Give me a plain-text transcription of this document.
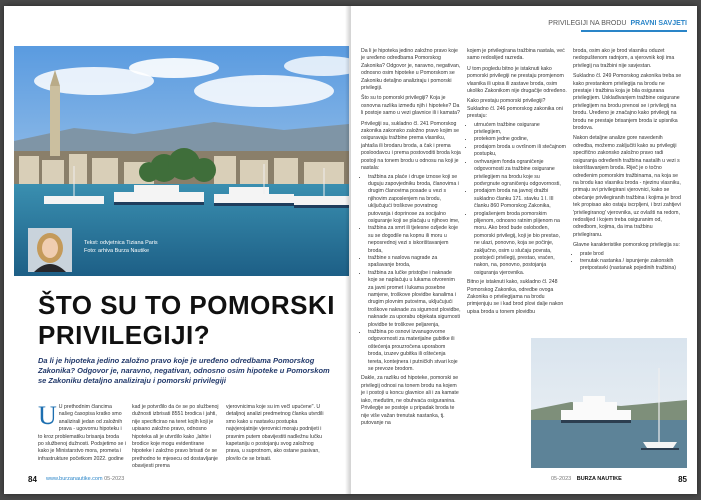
Tekst: odvjetnica Tiziana Paris
Foto: arhiva Burza Nautike
ŠTO SU TO POMORSKI
PRIVILEGIJI?
Da li je hipoteka jedino založno pravo koje je uređeno odredbama Pomorskog Zakonika? Odgovor je, naravno, negativan, odnosno osim hipoteke u Pomorskom se Zakoniku detaljno analiziraju i pomorski privilegiji
U U prethodnim člancima našeg časopisa kratko smo analizirali jedan od založnih prava - ugovornu hipoteku i to kroz problematiku brisanja broda po službenoj dužnosti. Podsjetimo se i kako je Ministarstvo mora, prometa i infrastrukture početkom 2022. godine
kad je potvrđilo da će se po službenoj dužnosti izbrisati 8551 brodica i jahti, nije specificirao na teret kojih koji je upisano založno pravo, odnosno hipoteka ali je utvrdilo kako „lahte i brodice koje mogu evidentirane hipoteke i založno pravo brisati će se prethodno te mjesecu od dostavljanje obavijesti prema
vjerovnicima koje su im večl upućene". U detaljnoj analizi predmetnog članka utvrdili smo kako u nastavku postupka najvjerojatnije vjerovnici moraju podnijeti i pravnim putem obavijestiti nadležnu lučku kapetaniju o postojanju svog založnog prava, u suprotnom, ako ostane pasivan, plovilo će se brisati.
84 www.burzanautike.com 05-2023
PRIVILEGIJI NA BRODU PRAVNI SAVJETI

Da li je hipoteka jedino založno pravo koje je uređeno odredbama Pomorskog Zakonika? Odgovor je, naravno, negativan, odnosno osim hipoteke u Pomorskom se Zakoniku detaljno analiziraju i pomorski privilegiji.

Što su to pomorski privilegiji? Koja je osnovna razlika između njih i hipoteke? Da li postoje samo u vezi glavnice ili i kamata?

Privilegiji su, sukladno čl. 241 Pomorskog zakonika zakonsko založno pravo kojim se osiguravaju tražbine prema vlasniku, jahtaša ili brodaru broda, a čak i prema posloodavcu i prema postovoditi broda koja postoji na tonem brodu u odnosu na koji je nastala:

• tražbina za plaće i druge iznose koji se duguju zapovjedniku broda, članovima i drugim članovima posade u vezi s njihovim zaposlenjem na brodu, uključujući troškove povratnog putovanja i doprinose za socijalno osiguranje koji se plaćaju u njihovo ime,
• tražbina za smrt ili tjelesne ozljede koje su se dogodile na kopnu ili moru u neposrednoj vezi s iskorištavanjem broda,
• tražbine s naslova nagrade za spašavanje broda,
• tražbina za lučke pristojbe i naknade koje se naplaćuju u lukama otvorenim za javni promet i lukama posebne namjene, troškove plovidbe kanalima i drugim plovnim putovima, uključujući troškove naknade za sigurnost plovidbe, naknade za uporabu objekata sigurnosti plovidbe te troškove peljarenja,
• tražbina po osnovi izvanugovorne odgovornosti za materijalne gubitke ili oštećenja prouzročena uporabom broda, izuzev gubitka ili oštećenja tereta, kontejnera i putničkih stvari koje se prevoze brodom.

Dakle, za razliku od hipoteke, pomorski se privilegij odnosi na tonem brodu na kojem je i postoji u koncu glavnice ali i za kamate iako, međutim, ne obuhvaća osiguranina. Privilegije se postoje u pripadak broda te nije više važan trenutak nastanka, tj. putovanje na

kojem je privilegirana tražbina nastala, već samo redoslijed razreda.

U tom pogledu bitno je istaknuti kako pomorski privilegiji ne prestaju promjenom vlasnika ili upisa ili zastave broda, osim ukoliko Zakonikom nije drugačije određeno.

Kako prestaju pomorski privilegiji? Sukladno čl. 246 pomorskog zakonika oni prestaju:

• utrnućem tražbine osigurane privilegijem,
• protekom jedne godine,
• prodajom broda u ovršnom ili stečajnom postupku,
• ovrhvanjem fonda ograničenje odgovornosti za tražbine osigurane privilegijem na brodu koje su podvrgnute ograničenju odgovornosti,
• prodajom broda na javnoj dražbi sukladno članku 171. stavku 1 I. III članku 860 Pomorskog Zakonika,
• proglašenjem broda pomorskim plijenom, odnosno ratnim plijenom na moru. Ako brod bude oslobođen, pomorski privilegij, koji je bio prestao, ne ulazi, ponovno, koja se počinje, zaključno, osim u slučaju povrata, postojeći privilegij, prestao, vraćen, nakon, na, ponovno, postojanja osiguranja vjerovnika.

Bitno je istaknuti kako, sukladno čl. 248 Pomorskog Zakonika, odredbe ovoga Zakonika o privilegijama na brodu primjenjuju se i kad brod plovi dalje nakon upisa broda u tonem plovidbu

broda, osim ako je brod vlasniku oduzet nedopuštenom radnjom, a vjerovnik koji ima privilegij na tražbini nije savjestan.

Sukladno čl. 249 Pomorskog zakonika treba se kako prestankom privilegija na brodu ne prestaje i tražbina koja je bila osigurana privilegijem. Usklađivanjem tražbine osigurane privilegijem na brodu prenosi se i privilegij na brodu. Uređeno je značajno kako privilegij na brodu ne prestaje brisanjem broda iz upisnika brodova.

Nakon detaljne analize gore navedenih odredba, možemo zaključiti kako su privilegiji specifično zakonsko založno pravo radi osiguranja određenih tražbina nastalih u vezi s iskorištavanjem broda. Riječ je o točno određenim pomorskim tražbinama, na koja se na brodu kao vlasniku broda - njezinu vlasniku, primaju svi privilegirani vjerovnici, kako se obećanje privilegiranih tražbina i kojima je brod tek propisao ako ostaju iscrpljeni, i brzi zahtjevi 'privilegiranog' vjerovnika, uz ovlašti na redom, redoslijed i kojem treba osiguranim od, odredbom, kojima, da ima tražbinu privilegiranu.

Glavne karakteristike pomorskog privilegija su:

• prate brod
• trenutak nastanka / ispunjenje zakonskih pretpostavki (nastanak pojedinih tražbina)
05-2023 BURZA NAUTIKE	85
